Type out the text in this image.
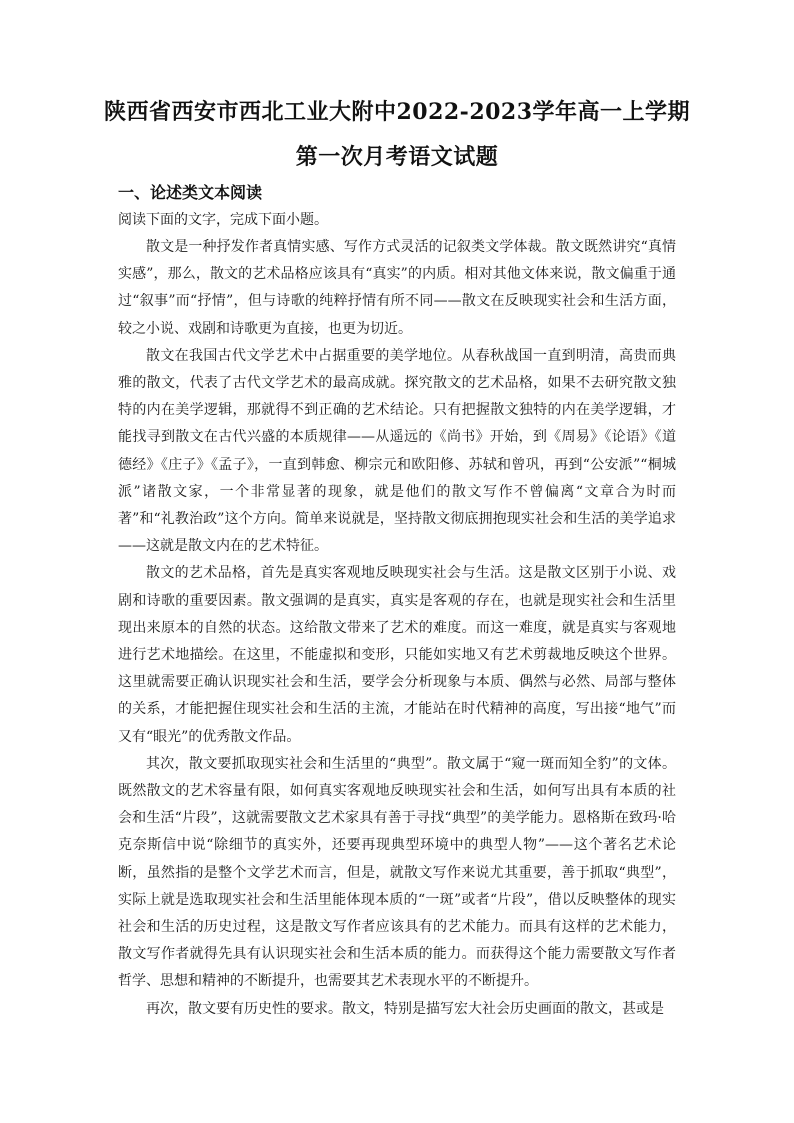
陕西省西安市西北工业大附中2022-2023学年高一上学期
第一次月考语文试题
一、论述类文本阅读
阅读下面的文字，完成下面小题。

散文是一种抒发作者真情实感、写作方式灵活的记叙类文学体裁。散文既然讲究“真情实感”，那么，散文的艺术品格应该具有“真实”的内质。相对其他文体来说，散文偏重于通过“叙事”而“抒情”，但与诗歌的纯粹抒情有所不同——散文在反映现实社会和生活方面，较之小说、戏剧和诗歌更为直接，也更为切近。

散文在我国古代文学艺术中占据重要的美学地位。从春秋战国一直到明清，高贵而典雅的散文，代表了古代文学艺术的最高成就。探究散文的艺术品格，如果不去研究散文独特的内在美学逻辑，那就得不到正确的艺术结论。只有把握散文独特的内在美学逻辑，才能找寻到散文在古代兴盛的本质规律——从遥远的《尚书》开始，到《周易》《论语》《道德经》《庄子》《孟子》，一直到韩愈、柳宗元和欧阳修、苏轼和曾巩，再到“公安派”“桐城派”诸散文家，一个非常显著的现象，就是他们的散文写作不曾偏离“文章合为时而著”和“礼教治政”这个方向。简单来说就是，坚持散文彻底拥抱现实社会和生活的美学追求——这就是散文内在的艺术特征。

散文的艺术品格，首先是真实客观地反映现实社会与生活。这是散文区别于小说、戏剧和诗歌的重要因素。散文强调的是真实，真实是客观的存在，也就是现实社会和生活里现出来原本的自然的状态。这给散文带来了艺术的难度。而这一难度，就是真实与客观地进行艺术地描绘。在这里，不能虚拟和变形，只能如实地又有艺术剪裁地反映这个世界。这里就需要正确认识现实社会和生活，要学会分析现象与本质、偶然与必然、局部与整体的关系，才能把握住现实社会和生活的主流，才能站在时代精神的高度，写出接“地气”而又有“眼光”的优秀散文作品。

其次，散文要抓取现实社会和生活里的“典型”。散文属于“窥一斑而知全豹”的文体。既然散文的艺术容量有限，如何真实客观地反映现实社会和生活，如何写出具有本质的社会和生活“片段”，这就需要散文艺术家具有善于寻找“典型”的美学能力。恩格斯在致玛·哈克奈斯信中说“除细节的真实外，还要再现典型环境中的典型人物”——这个著名艺术论断，虽然指的是整个文学艺术而言，但是，就散文写作来说尤其重要，善于抓取“典型”，实际上就是选取现实社会和生活里能体现本质的“一斑”或者“片段”，借以反映整体的现实社会和生活的历史过程，这是散文写作者应该具有的艺术能力。而具有这样的艺术能力，散文写作者就得先具有认识现实社会和生活本质的能力。而获得这个能力需要散文写作者哲学、思想和精神的不断提升，也需要其艺术表现水平的不断提升。

再次，散文要有历史性的要求。散文，特别是描写宏大社会历史画面的散文，甚或是
